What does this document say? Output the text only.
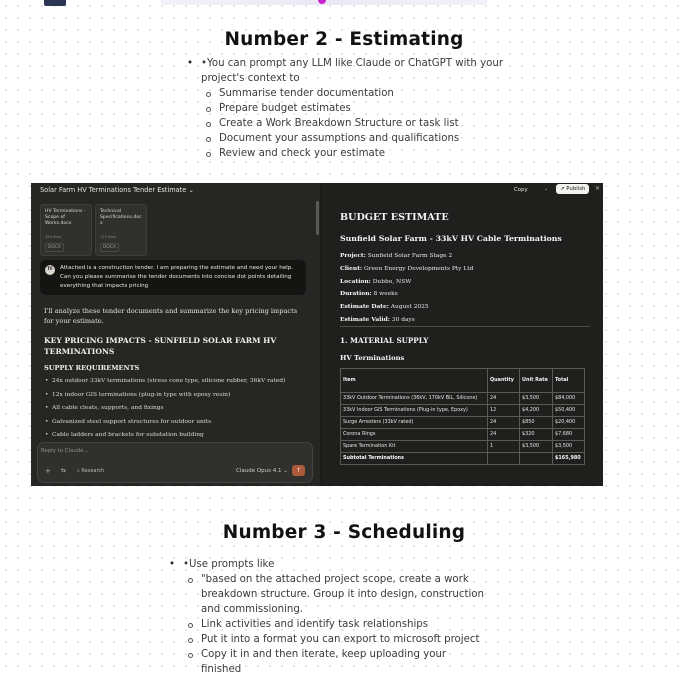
Number 2 - Estimating
• •You can prompt any LLM like Claude or ChatGPT with your project's context to
Summarise tender documentation
Prepare budget estimates
Create a Work Breakdown Structure or task list
Document your assumptions and qualifications
Review and check your estimate
Solar Farm HV Terminations Tender Estimate ⌄
HV Terminations - Scope of Works.docx
154 lines
DOCX
Technical Specifications.doc x
175 lines
DOCX
TF	Attached is a construction tender. I am preparing the estimate and need your help. Can you please summarise the tender documents into concise dot points detailing everything that impacts pricing
I'll analyze these tender documents and summarize the key pricing impacts for your estimate.
KEY PRICING IMPACTS - SUNFIELD SOLAR FARM HV TERMINATIONS
SUPPLY REQUIREMENTS
• 24x outdoor 33kV terminations (stress cone type, silicone rubber, 36kV rated)
• 12x indoor GIS terminations (plug-in type with epoxy resin)
• All cable cleats, supports, and fixings
• Galvanized steel support structures for outdoor units
• Cable ladders and brackets for substation building
Reply to Claude...
+ ⇆ ⌕ Research	Claude Opus 4.1 ⌄	↑
Copy	⌄	↗ Publish	✕
BUDGET ESTIMATE
Sunfield Solar Farm - 33kV HV Cable Terminations
Project: Sunfield Solar Farm Stage 2
Client: Green Energy Developments Pty Ltd
Location: Dubbo, NSW
Duration: 8 weeks
Estimate Date: August 2025
Estimate Valid: 30 days
1. MATERIAL SUPPLY
HV Terminations
Item	Quantity	Unit Rate	Total
33kV Outdoor Terminations (36kV, 170kV BIL, Silicone)	24	$3,500	$84,000
33kV Indoor GIS Terminations (Plug-in type, Epoxy)	12	$4,200	$50,400
Surge Arresters (33kV rated)	24	$850	$20,400
Corona Rings	24	$320	$7,680
Spare Termination Kit	1	$3,500	$3,500
Subtotal Terminations			$165,980
Number 3 - Scheduling
• •Use prompts like
"based on the attached project scope, create a work breakdown structure. Group it into design, construction and commissioning.
Link activities and identify task relationships
Put it into a format you can export to microsoft project
Copy it in and then iterate, keep uploading your finished
